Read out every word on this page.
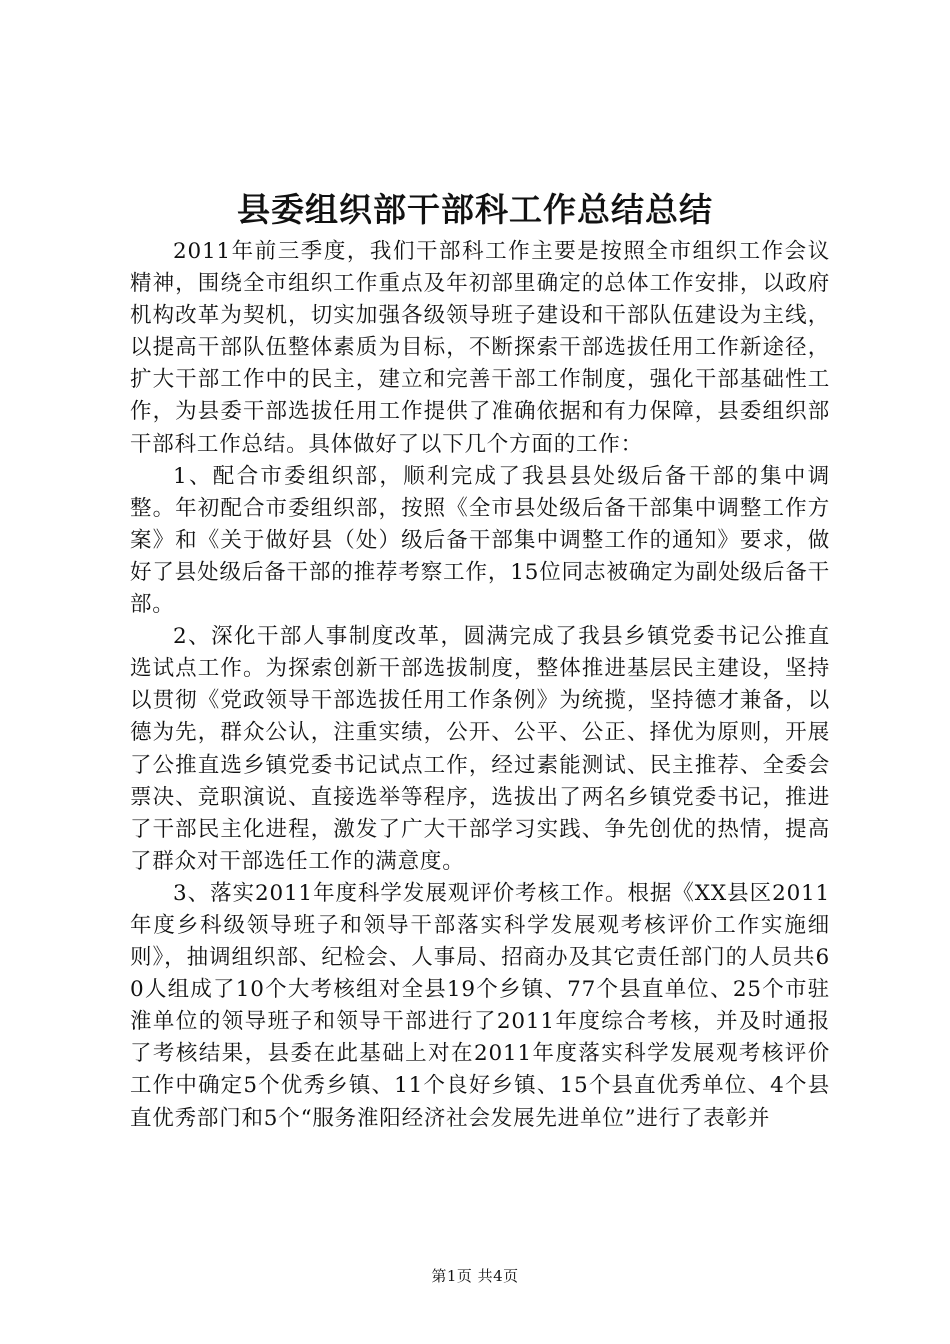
县委组织部干部科工作总结总结

2011年前三季度，我们干部科工作主要是按照全市组织工作会议精神，围绕全市组织工作重点及年初部里确定的总体工作安排，以政府机构改革为契机，切实加强各级领导班子建设和干部队伍建设为主线，以提高干部队伍整体素质为目标，不断探索干部选拔任用工作新途径，扩大干部工作中的民主，建立和完善干部工作制度，强化干部基础性工作，为县委干部选拔任用工作提供了准确依据和有力保障，县委组织部干部科工作总结。具体做好了以下几个方面的工作：

1、配合市委组织部，顺利完成了我县县处级后备干部的集中调整。年初配合市委组织部，按照《全市县处级后备干部集中调整工作方案》和《关于做好县（处）级后备干部集中调整工作的通知》要求，做好了县处级后备干部的推荐考察工作，15位同志被确定为副处级后备干部。

2、深化干部人事制度改革，圆满完成了我县乡镇党委书记公推直选试点工作。为探索创新干部选拔制度，整体推进基层民主建设，坚持以贯彻《党政领导干部选拔任用工作条例》为统揽，坚持德才兼备，以德为先，群众公认，注重实绩，公开、公平、公正、择优为原则，开展了公推直选乡镇党委书记试点工作，经过素能测试、民主推荐、全委会票决、竞职演说、直接选举等程序，选拔出了两名乡镇党委书记，推进了干部民主化进程，激发了广大干部学习实践、争先创优的热情，提高了群众对干部选任工作的满意度。

3、落实2011年度科学发展观评价考核工作。根据《XX县区2011年度乡科级领导班子和领导干部落实科学发展观考核评价工作实施细则》，抽调组织部、纪检会、人事局、招商办及其它责任部门的人员共60人组成了10个大考核组对全县19个乡镇、77个县直单位、25个市驻淮单位的领导班子和领导干部进行了2011年度综合考核，并及时通报了考核结果，县委在此基础上对在2011年度落实科学发展观考核评价工作中确定5个优秀乡镇、11个良好乡镇、15个县直优秀单位、4个县直优秀部门和5个“服务淮阳经济社会发展先进单位”进行了表彰并

第1页 共4页
